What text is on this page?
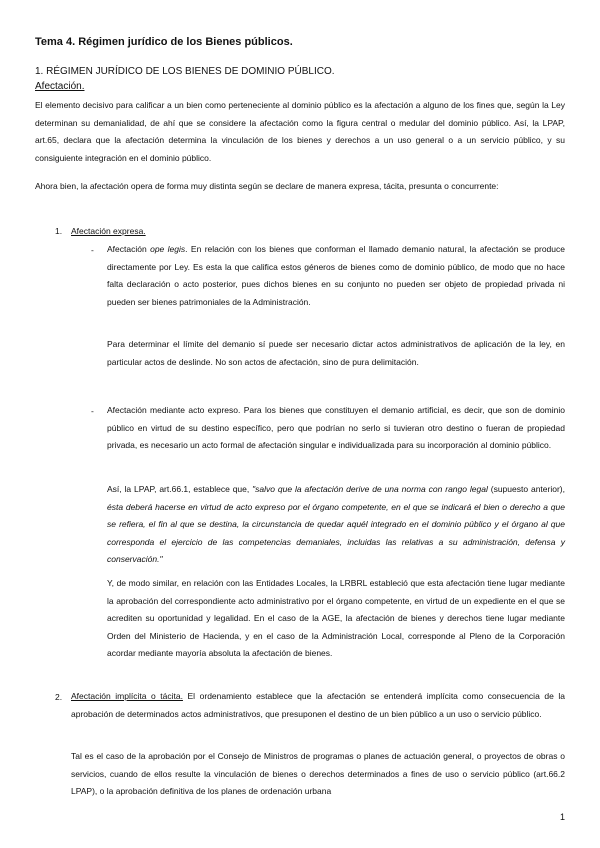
Tema 4. Régimen jurídico de los Bienes públicos.

1. RÉGIMEN JURÍDICO DE LOS BIENES DE DOMINIO PÚBLICO.

Afectación.

El elemento decisivo para calificar a un bien como perteneciente al dominio público es la afectación a alguno de los fines que, según la Ley determinan su demanialidad, de ahí que se considere la afectación como la figura central o medular del dominio público. Así, la LPAP, art.65, declara que la afectación determina la vinculación de los bienes y derechos a un uso general o a un servicio público, y su consiguiente integración en el dominio público.

Ahora bien, la afectación opera de forma muy distinta según se declare de manera expresa, tácita, presunta o concurrente:

1. Afectación expresa.
- Afectación ope legis. En relación con los bienes que conforman el llamado demanio natural, la afectación se produce directamente por Ley. Es esta la que califica estos géneros de bienes como de dominio público, de modo que no hace falta declaración o acto posterior, pues dichos bienes en su conjunto no pueden ser objeto de propiedad privada ni pueden ser bienes patrimoniales de la Administración.

Para determinar el límite del demanio sí puede ser necesario dictar actos administrativos de aplicación de la ley, en particular actos de deslinde. No son actos de afectación, sino de pura delimitación.

- Afectación mediante acto expreso. Para los bienes que constituyen el demanio artificial, es decir, que son de dominio público en virtud de su destino específico, pero que podrían no serlo si tuvieran otro destino o fueran de propiedad privada, es necesario un acto formal de afectación singular e individualizada para su incorporación al dominio público.

Así, la LPAP, art.66.1, establece que, "salvo que la afectación derive de una norma con rango legal (supuesto anterior), ésta deberá hacerse en virtud de acto expreso por el órgano competente, en el que se indicará el bien o derecho a que se refiera, el fin al que se destina, la circunstancia de quedar aquél integrado en el dominio público y el órgano al que corresponda el ejercicio de las competencias demaniales, incluidas las relativas a su administración, defensa y conservación."

Y, de modo similar, en relación con las Entidades Locales, la LRBRL estableció que esta afectación tiene lugar mediante la aprobación del correspondiente acto administrativo por el órgano competente, en virtud de un expediente en el que se acrediten su oportunidad y legalidad. En el caso de la AGE, la afectación de bienes y derechos tiene lugar mediante Orden del Ministerio de Hacienda, y en el caso de la Administración Local, corresponde al Pleno de la Corporación acordar mediante mayoría absoluta la afectación de bienes.

2. Afectación implícita o tácita. El ordenamiento establece que la afectación se entenderá implícita como consecuencia de la aprobación de determinados actos administrativos, que presuponen el destino de un bien público a un uso o servicio público.

Tal es el caso de la aprobación por el Consejo de Ministros de programas o planes de actuación general, o proyectos de obras o servicios, cuando de ellos resulte la vinculación de bienes o derechos determinados a fines de uso o servicio público (art.66.2 LPAP), o la aprobación definitiva de los planes de ordenación urbana

1
